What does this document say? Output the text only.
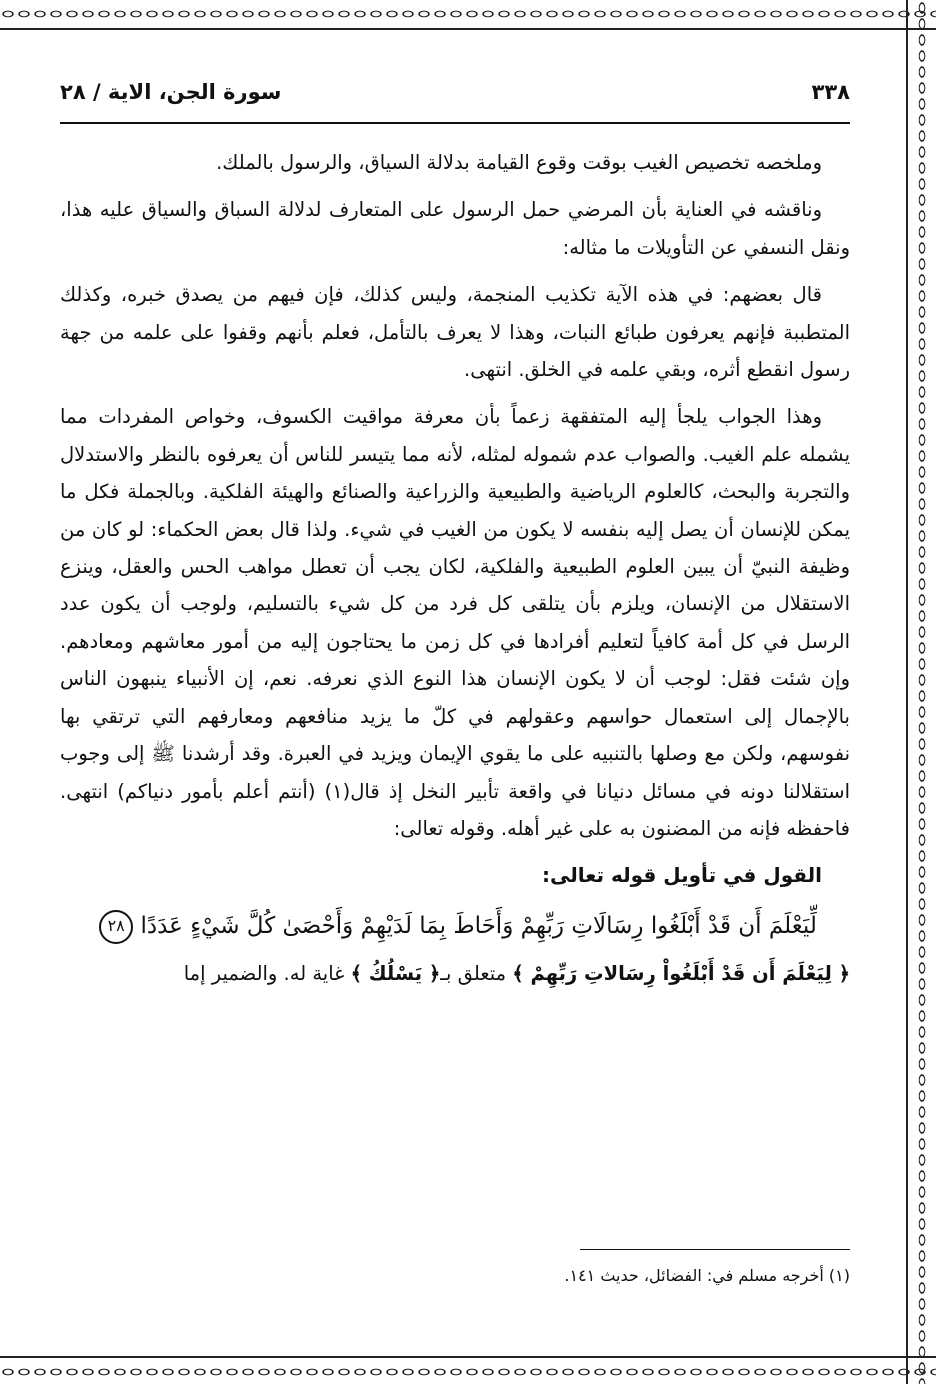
٣٣٨
سورة الجن، الاية / ٢٨

وملخصه تخصيص الغيب بوقت وقوع القيامة بدلالة السياق، والرسول بالملك.

وناقشه في العناية بأن المرضي حمل الرسول على المتعارف لدلالة السباق والسياق عليه هذا، ونقل النسفي عن التأويلات ما مثاله:

قال بعضهم: في هذه الآية تكذيب المنجمة، وليس كذلك، فإن فيهم من يصدق خبره، وكذلك المتطببة فإنهم يعرفون طبائع النبات، وهذا لا يعرف بالتأمل، فعلم بأنهم وقفوا على علمه من جهة رسول انقطع أثره، وبقي علمه في الخلق. انتهى.

وهذا الجواب يلجأ إليه المتفقهة زعماً بأن معرفة مواقيت الكسوف، وخواص المفردات مما يشمله علم الغيب. والصواب عدم شموله لمثله، لأنه مما يتيسر للناس أن يعرفوه بالنظر والاستدلال والتجربة والبحث، كالعلوم الرياضية والطبيعية والزراعية والصنائع والهيئة الفلكية. وبالجملة فكل ما يمكن للإنسان أن يصل إليه بنفسه لا يكون من الغيب في شيء. ولذا قال بعض الحكماء: لو كان من وظيفة النبيّ أن يبين العلوم الطبيعية والفلكية، لكان يجب أن تعطل مواهب الحس والعقل، وينزع الاستقلال من الإنسان، ويلزم بأن يتلقى كل فرد من كل شيء بالتسليم، ولوجب أن يكون عدد الرسل في كل أمة كافياً لتعليم أفرادها في كل زمن ما يحتاجون إليه من أمور معاشهم ومعادهم. وإن شئت فقل: لوجب أن لا يكون الإنسان هذا النوع الذي نعرفه. نعم، إن الأنبياء ينبهون الناس بالإجمال إلى استعمال حواسهم وعقولهم في كلّ ما يزيد منافعهم ومعارفهم التي ترتقي بها نفوسهم، ولكن مع وصلها بالتنبيه على ما يقوي الإيمان ويزيد في العبرة. وقد أرشدنا ﷺ إلى وجوب استقلالنا دونه في مسائل دنيانا في واقعة تأبير النخل إذ قال(١) (أنتم أعلم بأمور دنياكم) انتهى. فاحفظه فإنه من المضنون به على غير أهله. وقوله تعالى:

القول في تأويل قوله تعالى:
لِّيَعْلَمَ أَن قَدْ أَبْلَغُوا رِسَالَاتِ رَبِّهِمْ وَأَحَاطَ بِمَا لَدَيْهِمْ وَأَحْصَىٰ كُلَّ شَيْءٍ عَدَدًا ٢٨
﴿ لِيَعْلَمَ أَن قَدْ أَبْلَغُواْ رِسَالاتِ رَبِّهِمْ ﴾ متعلق بـ﴿ يَسْلُكُ ﴾ غاية له. والضمير إما
(١) أخرجه مسلم في: الفضائل، حديث ١٤١.
